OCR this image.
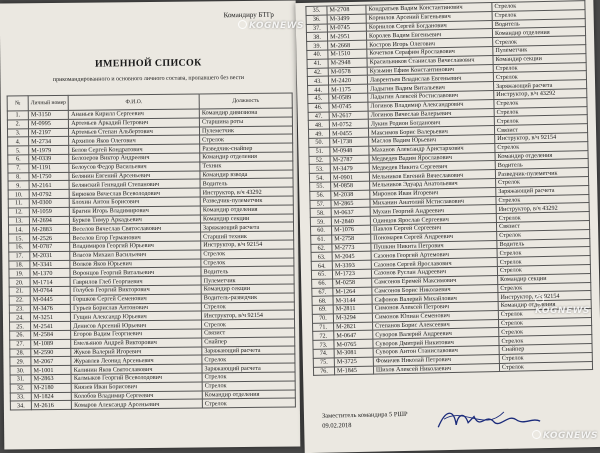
Командиру БТГр
ИМЕННОЙ СПИСОК
прикомандированного и основного личного состава, пропавшего без вести
№	Личный номер	Ф.И.О.	Должность
1.	М-3150	Ананьев Кирилл Сергеевич	Командир дивизиона
2.	М-0995	Артемьев Аркадий Петрович	Старшина роты
3.	М-2197	Артемьев Степан Альбертович	Пулеметчик
4.	М-2734	Архипов Яков Олегович	Стрелок
5.	М-1979	Белов Сергей Кондратович	Разведчик-снайпер
6.	М-0339	Белозеров Виктор Андреевич	Командир отделения
7.	М-1191	Белоусов Федор Васильевич	Техник
8.	М-1750	Белянин Евгений Арсеньевич	Командир взвода
9.	М-2161	Белянский Геннадий Степанович	Водитель
10.	М-0792	Бирюков Вячеслав Всеволодович	Инструктор, в/ч 43292
11.	М-0300	Блохин Антон Борисович	Разведчик-пулеметчик
12.	М-1059	Брагин Игорь Владимирович	Командир отделения
13.	М-2694	Бурков Тимур Аркадьевич	Командир секции
14.	М-2883	Веселов Вячеслав Святославович	Заряжающий расчета
15.	М-2526	Веселов Егор Германович	Старший техник
16.	М-0787	Владимиров Георгий Юрьевич	Инструктор, в/ч 92154
17.	М-2031	Власов Михаил Васильевич	Стрелок
18.	М-3341	Волков Яков Юрьевич	Стрелок
19.	М-1370	Воронцов Георгий Витальевич	Водитель
20.	М-1714	Гаврилов Глеб Георгиевич	Пулеметчик
21.	М-0764	Голубев Георгий Викторович	Командир секции
22.	М-0445	Горшков Сергей Семенович	Водитель-разведчик
23.	М-3476	Гурьев Борислав Антонович	Стрелок
24.	М-3251	Гущин Александр Юрьевич	Инструктор, в/ч 92154
25.	М-2541	Денисов Арсений Юрьевич	Стрелок
26.	М-2584	Егоров Вадим Георгиевич	Связист
27.	М-1089	Емельянов Андрей Викторович	Снайпер
28.	М-2590	Жуков Валерий Игоревич	Заряжающий расчета
29.	М-2067	Журавлев Леонид Арсеньевич	Стрелок
30.	М-1001	Калинин Яков Святославович	Заряжающий расчета
31.	М-2863	Калмыков Георгий Всеволодович	Стрелок
32.	М-2180	Князев Иван Борисович	Стрелок
33.	М-1824	Колобов Владимир Сергеевич	Командир отделения
34.	М-2616	Комаров Александр Арсеньевич	Стрелок
35.	М-2708	Кондратьев Вадим Константинович	Стрелок
36.	М-3499	Корнилов Арсений Евгеньевич	Стрелок
37.	М-0745	Корнилов Сергей Богданович	Водитель
38.	М-2951	Королев Вадим Евгеньевич	Командир отделения
39.	М-2668	Костров Игорь Олегович	Стрелок
40.	М-1510	Кочетков Серафим Ярославович	Пулеметчик
41.	М-2948	Красильников Станислав Вячеславович	Командир секции
42.	М-0578	Кузьмин Ефим Константинович	Стрелок
43.	М-2420	Лаврентьев Владислав Евгеньевич	Стрелок
44.	М-1175	Ладыгин Вадим Витальевич	Заряжающий расчета
45.	М-0589	Ладыгин Алексей Ростиславович	Инструктор, в/ч 43292
46.	М-0745	Логинов Владимир Александрович	Стрелок
47.	М-2617	Логинов Вячеслав Валерьевич	Стрелок
48.	М-0752	Лукин Родион Богданович	Стрелок
49.	М-0455	Максимов Борис Валерьевич	Связист
50.	М-1738	Маслов Вадим Юрьевич	Инструктор, в/ч 92154
51.	М-0948	Маханов Александр Аристархович	Стрелок
52.	М-2787	Медведев Вадим Ярославович	Командир отделения
53.	М-3479	Медведев Никита Сергеевич	Водитель
54.	М-0901	Мельников Евгений Вячеславович	Разведчик-пулеметчик
55.	М-0858	Мельников Эдуард Анатольевич	Стрелок
56.	М-2038	Миронов Иван Игоревич	Заряжающий расчета
57.	М-2865	Миханин Анатолий Мстиславович	Стрелок
58.	М-0637	Мухин Георгий Андреевич	Инструктор, в/ч 43292
59.	М-2840	Одинцов Ярослав Сергеевич	Стрелок
60.	М-1076	Павлов Сергей Сергеевич	Связист
61.	М-2758	Пономарев Сергей Андреевич	Стрелок
62.	М-2773	Пушкин Никита Петрович	Водитель
63.	М-2045	Сазонов Георгий Артемович	Стрелок
64.	М-3393	Сазонов Сергей Ярославович	Стрелок
65.	М-1723	Сазонов Руслан Андреевич	Стрелок
66.	М-0258	Самсонов Еремей Максимович	Командир секции
67.	М-1264	Самсонов Борис Николаевич	Стрелок
68.	М-3144	Сафонов Валерий Михайлович	Инструктор, в/ч 92154
69.	М-2811	Симонов Алексей Петрович	Командир отделения
70.	М-3294	Симонов Юлиан Семенович	Стрелок
71.	М-2821	Степанов Борис Алексеевич	Стрелок
72.	М-0647	Суворов Валерий Андреевич	Стрелок
73.	М-0765	Суворов Дмитрий Никитович	Стрелок
74.	М-3081	Суворов Антон Станиславович	Снайпер
75.	М-3725	Фомичев Николай Петрович	Стрелок
76.	М-1845	Шихов Алексей Николаевич	Стрелок
Заместитель командира 5 РШР
09.02.2018
KOGNEWS
KOGNEWS
KOGNEWS
